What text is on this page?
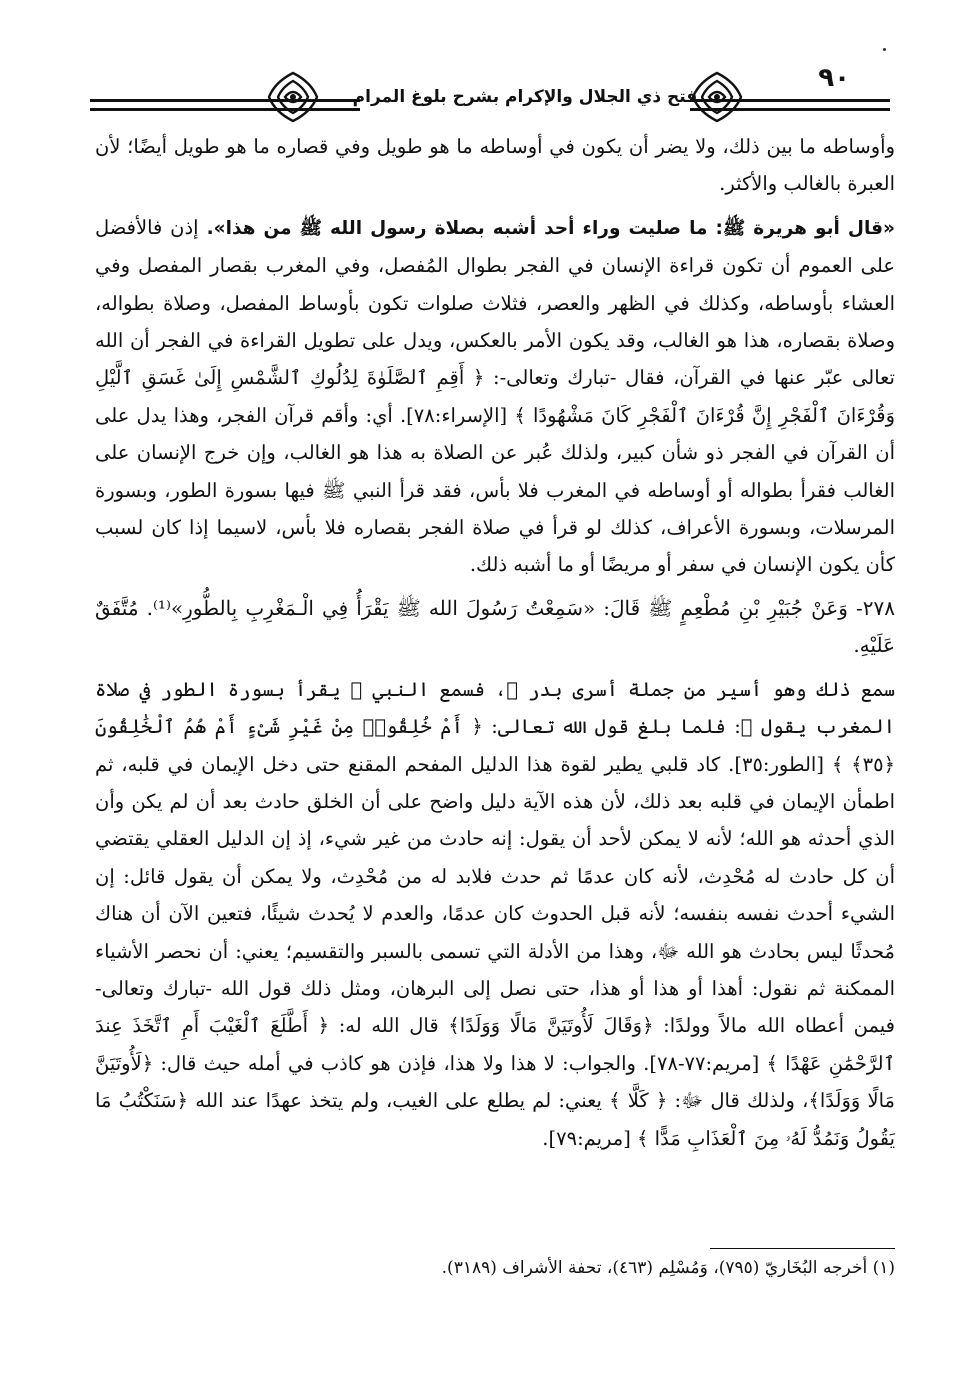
فتح ذي الجلال والإكرام بشرح بلوغ المرام
٩٠

وأوساطه ما بين ذلك، ولا يضر أن يكون في أوساطه ما هو طويل وفي قصاره ما هو طويل أيضًا؛ لأن العبرة بالغالب والأكثر.

«قال أبو هريرة ﷺ: ما صليت وراء أحد أشبه بصلاة رسول الله ﷺ من هذا». إذن فالأفضل على العموم أن تكون قراءة الإنسان في الفجر بطوال المُفصل، وفي المغرب بقصار المفصل وفي العشاء بأوساطه، وكذلك في الظهر والعصر، فثلاث صلوات تكون بأوساط المفصل، وصلاة بطواله، وصلاة بقصاره، هذا هو الغالب، وقد يكون الأمر بالعكس، ويدل على تطويل القراءة في الفجر أن الله تعالى عبّر عنها في القرآن، فقال -تبارك وتعالى-: ﴿ أَقِمِ ٱلصَّلَوٰةَ لِدُلُوكِ ٱلشَّمْسِ إِلَىٰ غَسَقِ ٱلَّيْلِ وَقُرْءَانَ ٱلْفَجْرِ إِنَّ قُرْءَانَ ٱلْفَجْرِ كَانَ مَشْهُودًا ﴾ [الإسراء:٧٨]. أي: وأقم قرآن الفجر، وهذا يدل على أن القرآن في الفجر ذو شأن كبير، ولذلك عُبر عن الصلاة به هذا هو الغالب، وإن خرج الإنسان على الغالب فقرأ بطواله أو أوساطه في المغرب فلا بأس، فقد قرأ النبي ﷺ فيها بسورة الطور، وبسورة المرسلات، وبسورة الأعراف، كذلك لو قرأ في صلاة الفجر بقصاره فلا بأس، لاسيما إذا كان لسبب كأن يكون الإنسان في سفر أو مريضًا أو ما أشبه ذلك.

٢٧٨- وَعَنْ جُبَيْرِ بْنِ مُطْعِمٍ ﷺ قَالَ: «سَمِعْتُ رَسُولَ الله ﷺ يَقْرَأُ فِي الْـمَغْرِبِ بِالطُّورِ»⁽¹⁾. مُتَّفَقٌ عَلَيْهِ.

سمع ذلك وهو أسير من جملة أسرى بدر ﷺ، فسمع النبي ﷺ يقرأ بسورة الطور في صلاة المغرب يقول ﷺ: فلما بلغ قول الله تعالى: ﴿ أَمْ خُلِقُوا۟ مِنْ غَيْرِ شَىْءٍ أَمْ هُمُ ٱلْخَٰلِقُونَ ﴿٣٥﴾ ﴾ [الطور:٣٥]. كاد قلبي يطير لقوة هذا الدليل المفحم المقنع حتى دخل الإيمان في قلبه، ثم اطمأن الإيمان في قلبه بعد ذلك، لأن هذه الآية دليل واضح على أن الخلق حادث بعد أن لم يكن وأن الذي أحدثه هو الله؛ لأنه لا يمكن لأحد أن يقول: إنه حادث من غير شيء، إذ إن الدليل العقلي يقتضي أن كل حادث له مُحْدِث، لأنه كان عدمًا ثم حدث فلابد له من مُحْدِث، ولا يمكن أن يقول قائل: إن الشيء أحدث نفسه بنفسه؛ لأنه قبل الحدوث كان عدمًا، والعدم لا يُحدث شيئًا، فتعين الآن أن هناك مُحدثًا ليس بحادث هو الله ﷻ، وهذا من الأدلة التي تسمى بالسبر والتقسيم؛ يعني: أن نحصر الأشياء الممكنة ثم نقول: أهذا أو هذا أو هذا، حتى نصل إلى البرهان، ومثل ذلك قول الله -تبارك وتعالى- فيمن أعطاه الله مالاً وولدًا: ﴿وَقَالَ لَأُوتَيَنَّ مَالًا وَوَلَدًا﴾ قال الله له: ﴿ أَطَّلَعَ ٱلْغَيْبَ أَمِ ٱتَّخَذَ عِندَ ٱلرَّحْمَٰنِ عَهْدًا ﴾ [مريم:٧٧-٧٨]. والجواب: لا هذا ولا هذا، فإذن هو كاذب في أمله حيث قال: ﴿لَأُوتَيَنَّ مَالًا وَوَلَدًا﴾، ولذلك قال ﷻ: ﴿ كَلَّا ﴾ يعني: لم يطلع على الغيب، ولم يتخذ عهدًا عند الله ﴿سَنَكْتُبُ مَا يَقُولُ وَنَمُدُّ لَهُۥ مِنَ ٱلْعَذَابِ مَدًّا ﴾ [مريم:٧٩].

(١) أخرجه البُخَاريّ (٧٩٥)، وَمُسْلِم (٤٦٣)، تحفة الأشراف (٣١٨٩).
